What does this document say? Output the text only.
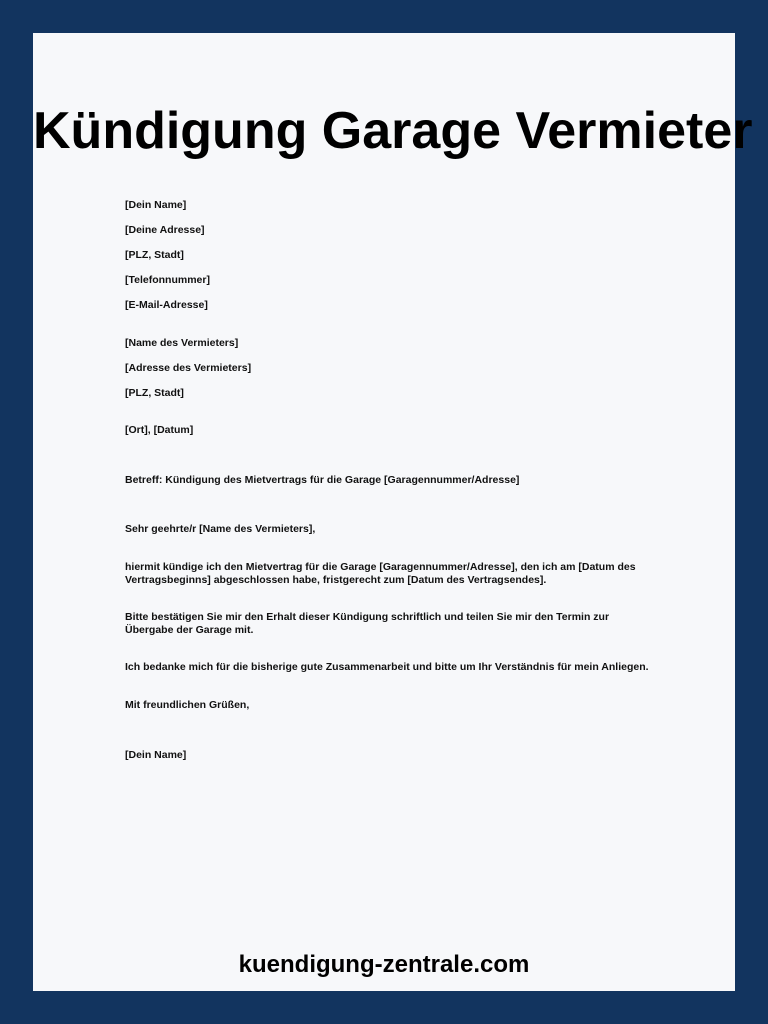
Kündigung Garage Vermieter
[Dein Name]
[Deine Adresse]
[PLZ, Stadt]
[Telefonnummer]
[E-Mail-Adresse]
[Name des Vermieters]
[Adresse des Vermieters]
[PLZ, Stadt]
[Ort], [Datum]
Betreff: Kündigung des Mietvertrags für die Garage [Garagennummer/Adresse]
Sehr geehrte/r [Name des Vermieters],
hiermit kündige ich den Mietvertrag für die Garage [Garagennummer/Adresse], den ich am [Datum des Vertragsbeginns] abgeschlossen habe, fristgerecht zum [Datum des Vertragsendes].
Bitte bestätigen Sie mir den Erhalt dieser Kündigung schriftlich und teilen Sie mir den Termin zur Übergabe der Garage mit.
Ich bedanke mich für die bisherige gute Zusammenarbeit und bitte um Ihr Verständnis für mein Anliegen.
Mit freundlichen Grüßen,
[Dein Name]
kuendigung-zentrale.com
